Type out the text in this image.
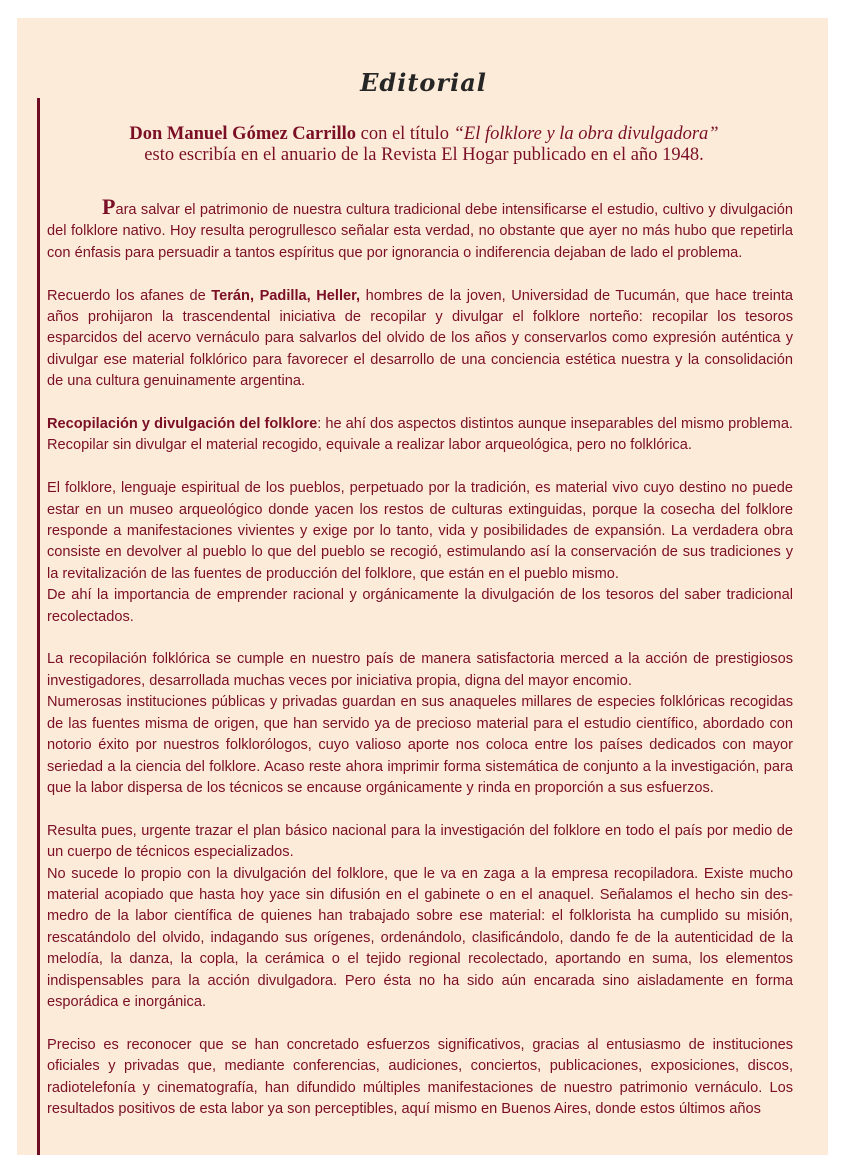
Editorial

Don Manuel Gómez Carrillo con el título “El folklore y la obra divulgadora”
esto escribía en el anuario de la Revista El Hogar publicado en el año 1948.

Para salvar el patrimonio de nuestra cultura tradicional debe intensificarse el estudio, cultivo y divulgación del folklore nativo. Hoy resulta perogrullesco señalar esta verdad, no obstante que ayer no más hubo que repetirla con énfasis para persuadir a tantos espíritus que por ignorancia o indiferencia dejaban de lado el problema.

Recuerdo los afanes de Terán, Padilla, Heller, hombres de la joven, Universidad de Tucumán, que hace treinta años prohijaron la trascendental iniciativa de recopilar y divulgar el folklore norteño: recopilar los tesoros esparcidos del acervo vernáculo para salvarlos del olvido de los años y conservarlos como expresión auténtica y divulgar ese material folklórico para favorecer el desarrollo de una conciencia estética nuestra y la consolidación de una cultura genuinamente argentina.

Recopilación y divulgación del folklore: he ahí dos aspectos distintos aunque inseparables del mismo problema. Recopilar sin divulgar el material recogido, equivale a realizar labor arqueológica, pero no folklórica.

El folklore, lenguaje espiritual de los pueblos, perpetuado por la tradición, es material vivo cuyo destino no puede estar en un museo arqueológico donde yacen los restos de culturas extinguidas, porque la cosecha del folklore responde a manifestaciones vivientes y exige por lo tanto, vida y posibilidades de expansión. La verdadera obra consiste en devolver al pueblo lo que del pueblo se recogió, estimulando así la conservación de sus tradiciones y la revitalización de las fuentes de producción del folklore, que están en el pueblo mismo.
De ahí la importancia de emprender racional y orgánicamente la divulgación de los tesoros del saber tradicional recolectados.

La recopilación folklórica se cumple en nuestro país de manera satisfactoria merced a la acción de prestigiosos investigadores, desarrollada muchas veces por iniciativa propia, digna del mayor encomio.
Numerosas instituciones públicas y privadas guardan en sus anaqueles millares de especies folklóricas recogidas de las fuentes misma de origen, que han servido ya de precioso material para el estudio científico, abordado con notorio éxito por nuestros folklorólogos, cuyo valioso aporte nos coloca entre los países dedicados con mayor seriedad a la ciencia del folklore. Acaso reste ahora imprimir forma sistemática de conjunto a la investigación, para que la labor dispersa de los técnicos se encause orgánicamente y rinda en proporción a sus esfuerzos.

Resulta pues, urgente trazar el plan básico nacional para la investigación del folklore en todo el país por medio de un cuerpo de técnicos especializados.
No sucede lo propio con la divulgación del folklore, que le va en zaga a la empresa recopiladora. Existe mucho material acopiado que hasta hoy yace sin difusión en el gabinete o en el anaquel. Señalamos el hecho sin desmedro de la labor científica de quienes han trabajado sobre ese material: el folklorista ha cumplido su misión, rescatándolo del olvido, indagando sus orígenes, ordenándolo, clasificándolo, dando fe de la autenticidad de la melodía, la danza, la copla, la cerámica o el tejido regional recolectado, aportando en suma, los elementos indispensables para la acción divulgadora. Pero ésta no ha sido aún encarada sino aisladamente en forma esporádica e inorgánica.

Preciso es reconocer que se han concretado esfuerzos significativos, gracias al entusiasmo de instituciones oficiales y privadas que, mediante conferencias, audiciones, conciertos, publicaciones, exposiciones, discos, radiotelefonía y cinematografía, han difundido múltiples manifestaciones de nuestro patrimonio vernáculo. Los resultados positivos de esta labor ya son perceptibles, aquí mismo en Buenos Aires, donde estos últimos años
